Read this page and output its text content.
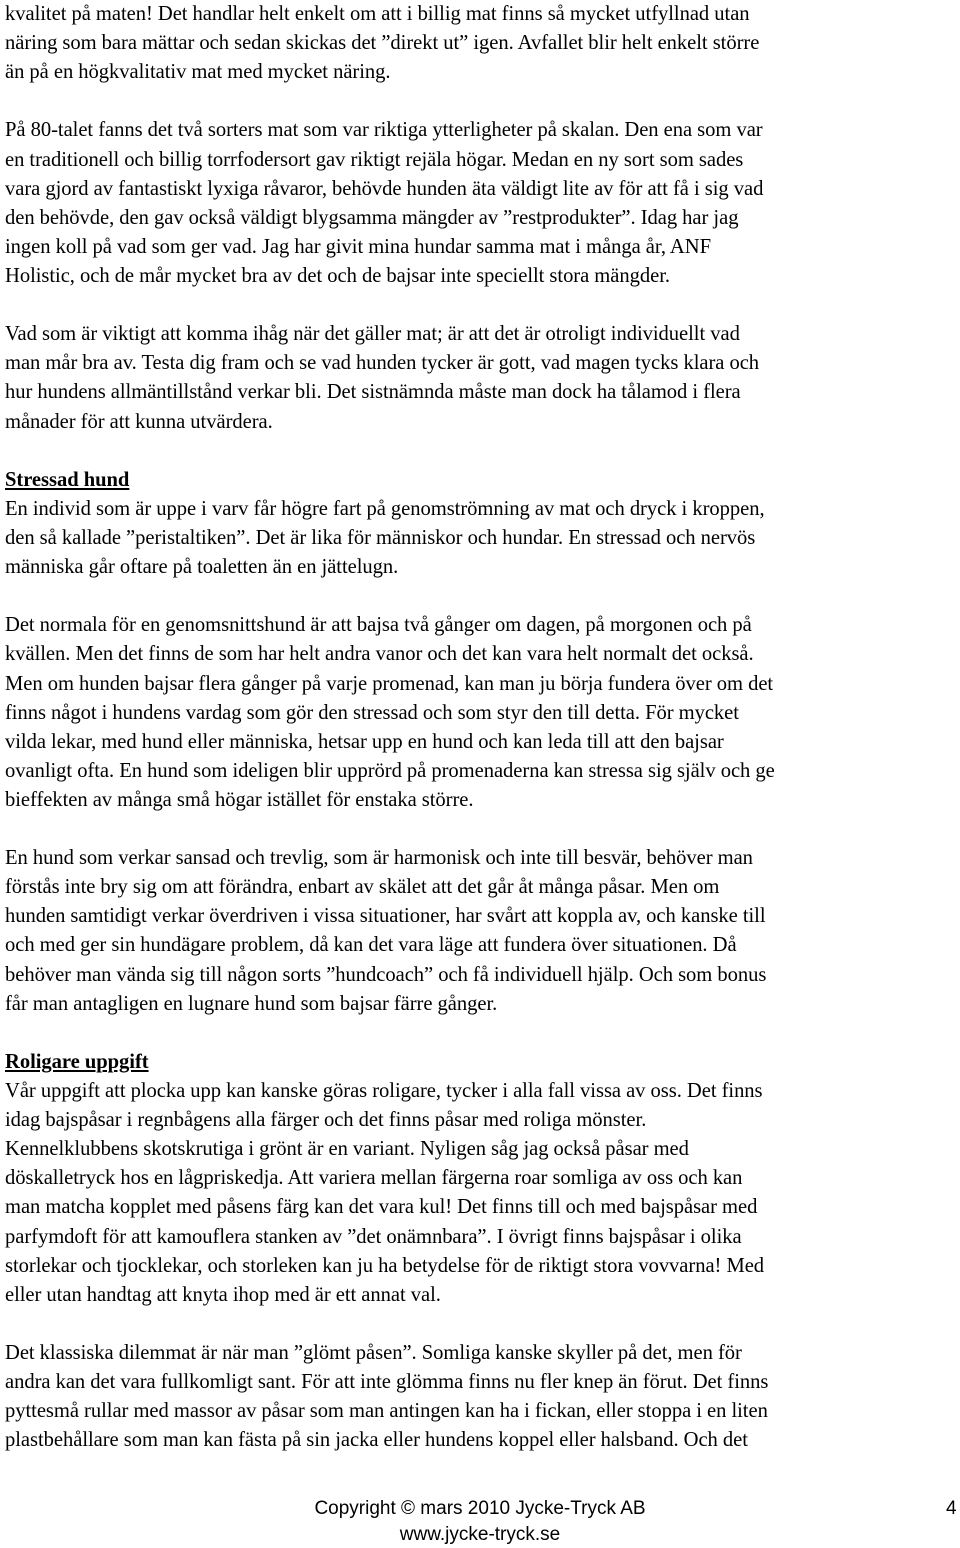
kvalitet på maten! Det handlar helt enkelt om att i billig mat finns så mycket utfyllnad utan
näring som bara mättar och sedan skickas det ”direkt ut” igen. Avfallet blir helt enkelt större
än på en högkvalitativ mat med mycket näring.

På 80-talet fanns det två sorters mat som var riktiga ytterligheter på skalan. Den ena som var
en traditionell och billig torrfodersort gav riktigt rejäla högar. Medan en ny sort som sades
vara gjord av fantastiskt lyxiga råvaror, behövde hunden äta väldigt lite av för att få i sig vad
den behövde, den gav också väldigt blygsamma mängder av ”restprodukter”. Idag har jag
ingen koll på vad som ger vad. Jag har givit mina hundar samma mat i många år, ANF
Holistic, och de mår mycket bra av det och de bajsar inte speciellt stora mängder.

Vad som är viktigt att komma ihåg när det gäller mat; är att det är otroligt individuellt vad
man mår bra av. Testa dig fram och se vad hunden tycker är gott, vad magen tycks klara och
hur hundens allmäntillstånd verkar bli. Det sistnämnda måste man dock ha tålamod i flera
månader för att kunna utvärdera.

Stressad hund
En individ som är uppe i varv får högre fart på genomströmning av mat och dryck i kroppen,
den så kallade ”peristaltiken”. Det är lika för människor och hundar. En stressad och nervös
människa går oftare på toaletten än en jättelugn.

Det normala för en genomsnittshund är att bajsa två gånger om dagen, på morgonen och på
kvällen. Men det finns de som har helt andra vanor och det kan vara helt normalt det också.
Men om hunden bajsar flera gånger på varje promenad, kan man ju börja fundera över om det
finns något i hundens vardag som gör den stressad och som styr den till detta. För mycket
vilda lekar, med hund eller människa, hetsar upp en hund och kan leda till att den bajsar
ovanligt ofta. En hund som ideligen blir upprörd på promenaderna kan stressa sig själv och ge
bieffekten av många små högar istället för enstaka större.

En hund som verkar sansad och trevlig, som är harmonisk och inte till besvär, behöver man
förstås inte bry sig om att förändra, enbart av skälet att det går åt många påsar. Men om
hunden samtidigt verkar överdriven i vissa situationer, har svårt att koppla av, och kanske till
och med ger sin hundägare problem, då kan det vara läge att fundera över situationen. Då
behöver man vända sig till någon sorts ”hundcoach” och få individuell hjälp. Och som bonus
får man antagligen en lugnare hund som bajsar färre gånger.

Roligare uppgift
Vår uppgift att plocka upp kan kanske göras roligare, tycker i alla fall vissa av oss. Det finns
idag bajspåsar i regnbågens alla färger och det finns påsar med roliga mönster.
Kennelklubbens skotskrutiga i grönt är en variant. Nyligen såg jag också påsar med
döskalletryck hos en lågpriskedja. Att variera mellan färgerna roar somliga av oss och kan
man matcha kopplet med påsens färg kan det vara kul! Det finns till och med bajspåsar med
parfymdoft för att kamouflera stanken av ”det onämnbara”. I övrigt finns bajspåsar i olika
storlekar och tjocklekar, och storleken kan ju ha betydelse för de riktigt stora vovvarna! Med
eller utan handtag att knyta ihop med är ett annat val.

Det klassiska dilemmat är när man ”glömt påsen”. Somliga kanske skyller på det, men för
andra kan det vara fullkomligt sant. För att inte glömma finns nu fler knep än förut. Det finns
pyttesmå rullar med massor av påsar som man antingen kan ha i fickan, eller stoppa i en liten
plastbehållare som man kan fästa på sin jacka eller hundens koppel eller halsband. Och det

Copyright © mars 2010 Jycke-Tryck AB
www.jycke-tryck.se
4
